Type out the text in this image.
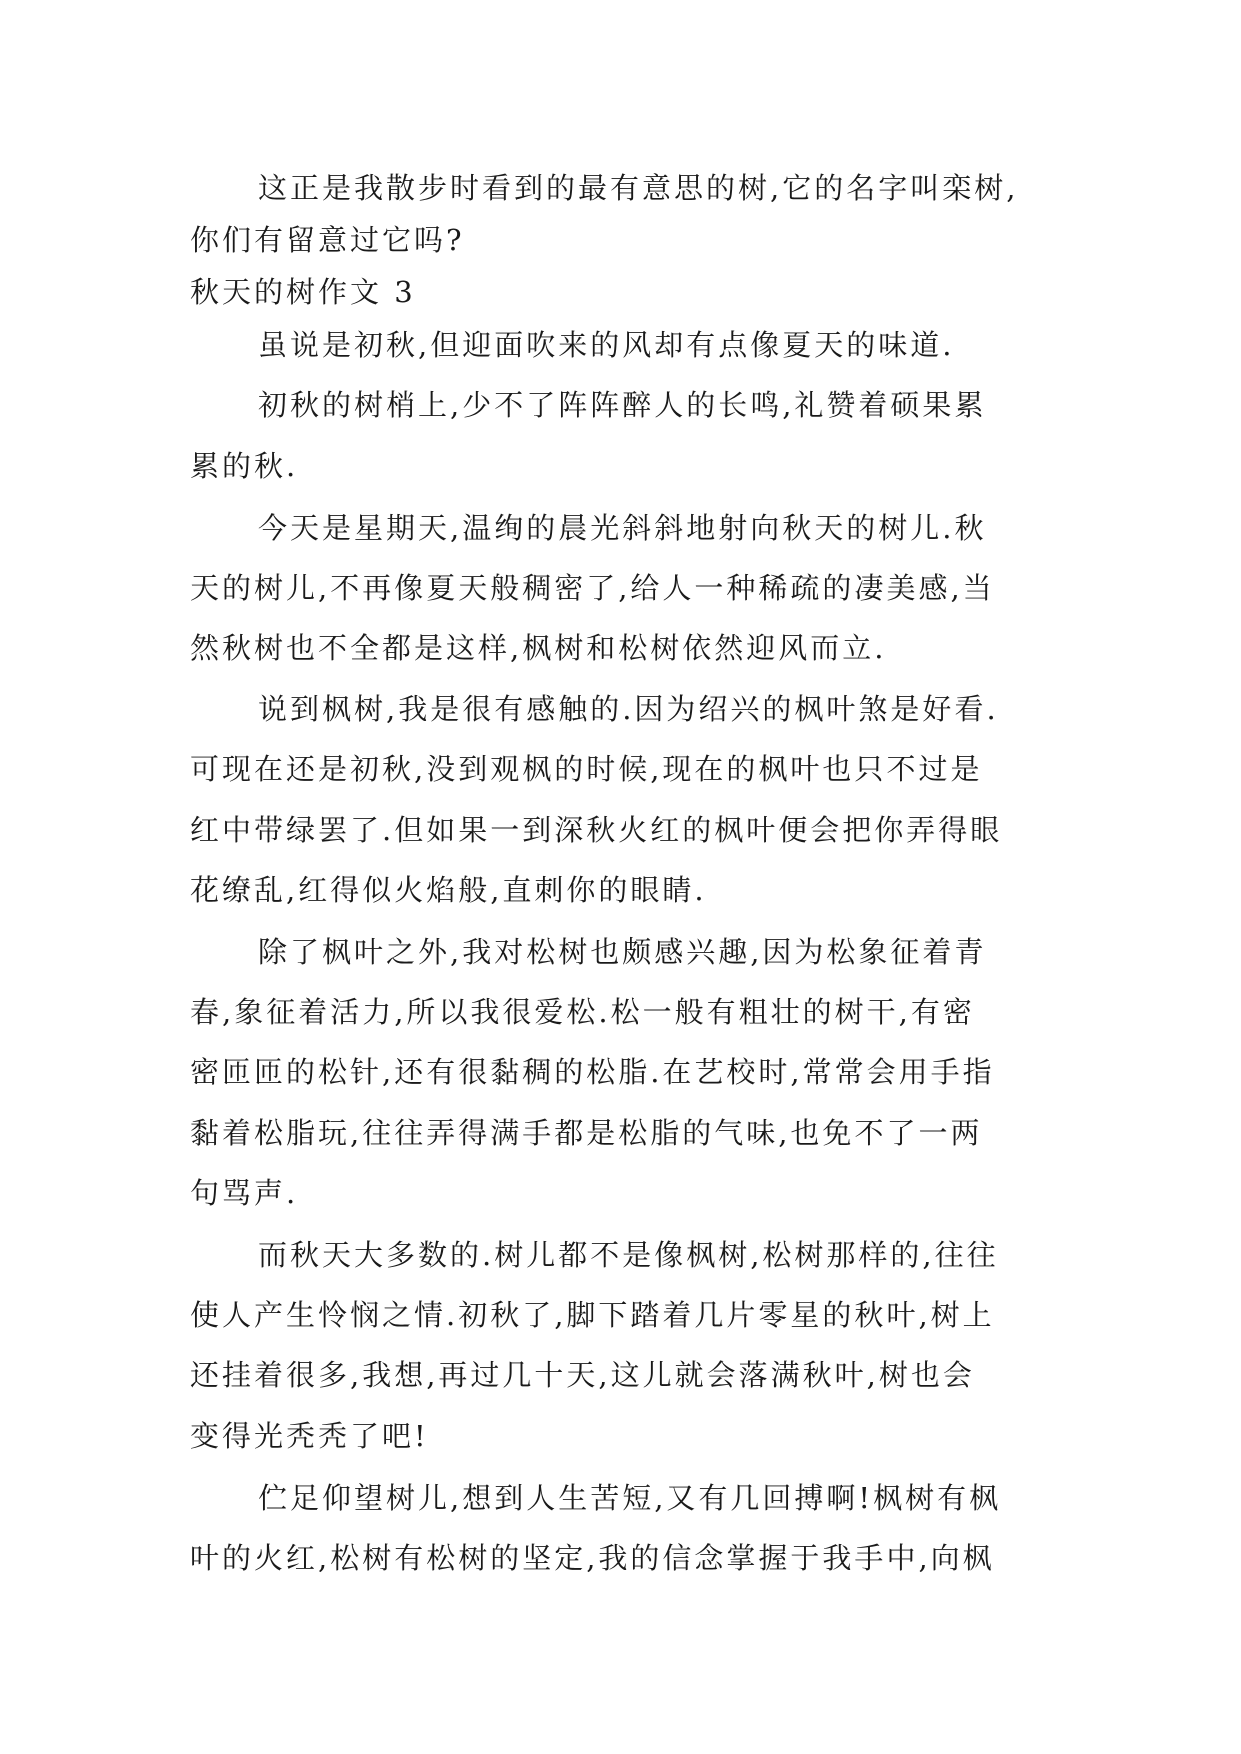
这正是我散步时看到的最有意思的树,它的名字叫栾树,
你们有留意过它吗?
秋天的树作文 3
虽说是初秋,但迎面吹来的风却有点像夏天的味道.
初秋的树梢上,少不了阵阵醉人的长鸣,礼赞着硕果累
累的秋.
今天是星期天,温绚的晨光斜斜地射向秋天的树儿.秋
天的树儿,不再像夏天般稠密了,给人一种稀疏的凄美感,当
然秋树也不全都是这样,枫树和松树依然迎风而立.
说到枫树,我是很有感触的.因为绍兴的枫叶煞是好看.
可现在还是初秋,没到观枫的时候,现在的枫叶也只不过是
红中带绿罢了.但如果一到深秋火红的枫叶便会把你弄得眼
花缭乱,红得似火焰般,直刺你的眼睛.
除了枫叶之外,我对松树也颇感兴趣,因为松象征着青
春,象征着活力,所以我很爱松.松一般有粗壮的树干,有密
密匝匝的松针,还有很黏稠的松脂.在艺校时,常常会用手指
黏着松脂玩,往往弄得满手都是松脂的气味,也免不了一两
句骂声.
而秋天大多数的.树儿都不是像枫树,松树那样的,往往
使人产生怜悯之情.初秋了,脚下踏着几片零星的秋叶,树上
还挂着很多,我想,再过几十天,这儿就会落满秋叶,树也会
变得光秃秃了吧!
伫足仰望树儿,想到人生苦短,又有几回搏啊!枫树有枫
叶的火红,松树有松树的坚定,我的信念掌握于我手中,向枫
